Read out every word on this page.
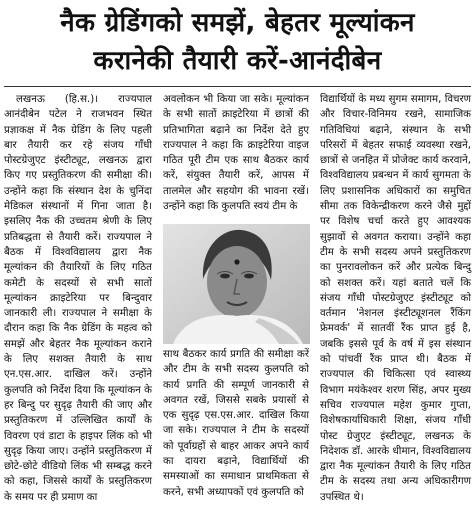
नैक ग्रेडिंगको समझें, बेहतर मूल्यांकन
करानेकी तैयारी करें-आनंदीबेन

लखनऊ (हि.स.)। राज्यपाल आनंदीबेन पटेल ने राजभवन स्थित प्रज्ञाकक्ष में नैक ग्रेडिंग के लिए पहली बार तैयारी कर रहे संजय गाँधी पोस्टग्रेजुएट इंस्टीट्यूट, लखनऊ द्वारा किए गए प्रस्तुतिकरण की समीक्षा की। उन्होंने कहा कि संस्थान देश के चुनिंदा मेडिकल संस्थानों में गिना जाता है। इसलिए नैक की उच्चतम श्रेणी के लिए प्रतिबद्धता से तैयारी करें। राज्यपाल ने बैठक में विश्वविद्यालय द्वारा नैक मूल्यांकन की तैयारियों के लिए गठित कमेटी के सदस्यों से सभी सातों मूल्यांकन क्राइटेरिया पर बिन्दुवार जानकारी ली। राज्यपाल ने समीक्षा के दौरान कहा कि नैक ग्रेडिंग के महत्व को समझें और बेहतर नैक मूल्यांकन कराने के लिए सशक्त तैयारी के साथ एन.एस.आर. दाखिल करें। उन्होंने कुलपति को निर्देश दिया कि मूल्यांकन के हर बिन्दु पर सुदृढ़ तैयारी की जाए और प्रस्तुतिकरण में उल्लिखित कार्यों के विवरण एवं डाटा के हाइपर लिंक को भी सुदृढ़ किया जाए। उन्होंने प्रस्तुतिकरण में छोटे-छोटे वीडियो लिंक भी सम्बद्ध करने को कहा, जिससे कार्यों के प्रस्तुतिकरण के समय पर ही प्रमाण का

अवलोकन भी किया जा सके। मूल्यांकन के सभी सातों क्राइटेरिया में छात्रों की प्रतिभागिता बढ़ाने का निर्देश देते हुए राज्यपाल ने कहा कि क्राइटेरिया वाइज गठित पूरी टीम एक साथ बैठकर कार्य करें, संयुक्त तैयारी करें, आपस में तालमेल और सहयोग की भावना रखें। उन्होंने कहा कि कुलपति स्वयं टीम के

साथ बैठकर कार्य प्रगति की समीक्षा करें और टीम के सभी सदस्य कुलपति को कार्य प्रगति की सम्पूर्ण जानकारी से अवगत रखें, जिससे सबके प्रयासों से एक सुदृढ़ एस.एस.आर. दाखिल किया जा सके। राज्यपाल ने टीम के सदस्यों को पूर्वाग्रहों से बाहर आकर अपने कार्य का दायरा बढ़ाने, विद्यार्थियों की समस्याओं का समाधान प्राथमिकता से करने, सभी अध्यापकों एवं कुलपति को

विद्यार्थियों के मध्य सुगम समागम, विचरण और विचार-विनिमय रखने, सामाजिक गतिविधियां बढ़ाने, संस्थान के सभी परिसरों में बेहतर सफाई व्यवस्था रखने, छात्रों से जनहित में प्रोजेक्ट कार्य करवाने, विश्वविद्यालय प्रबन्धन में कार्य सुगमता के लिए प्रशासनिक अधिकारों का समुचित सीमा तक विकेन्द्रीकरण करने जैसे मुद्दों पर विशेष चर्चा करते हुए आवश्यक सुझावों से अवगत कराया। उन्होंने कहा टीम के सभी सदस्य अपने प्रस्तुतिकरण का पुनरावलोकन करें और प्रत्येक बिन्दु को सशक्त करें। यहां बताते चलें कि संजय गाँधी पोस्टग्रेजुएट इंस्टीट्यूट को वर्तमान 'नेशनल इंस्टीट्यूशनल रैंकिंग फ्रेमवर्क' में सातवीं रैंक प्राप्त हुई है, जबकि इससे पूर्व के वर्ष में इस संस्थान को पांचवीं रैंक प्राप्त थी। बैठक में राज्यपाल की चिकित्सा एवं स्वास्थ्य विभाग मयंकेश्वर शरण सिंह, अपर मुख्य सचिव राज्यपाल महेश कुमार गुप्ता, विशेषकार्याधिकारी शिक्षा, संजय गाँधी पोस्ट ग्रेजुएट इंस्टीट्यूट, लखनऊ के निदेशक डॉ. आरके धीमान, विश्वविद्यालय द्वारा नैक मूल्यांकन तैयारी के लिए गठित टीम के सदस्य तथा अन्य अधिकारीगण उपस्थित थे।
